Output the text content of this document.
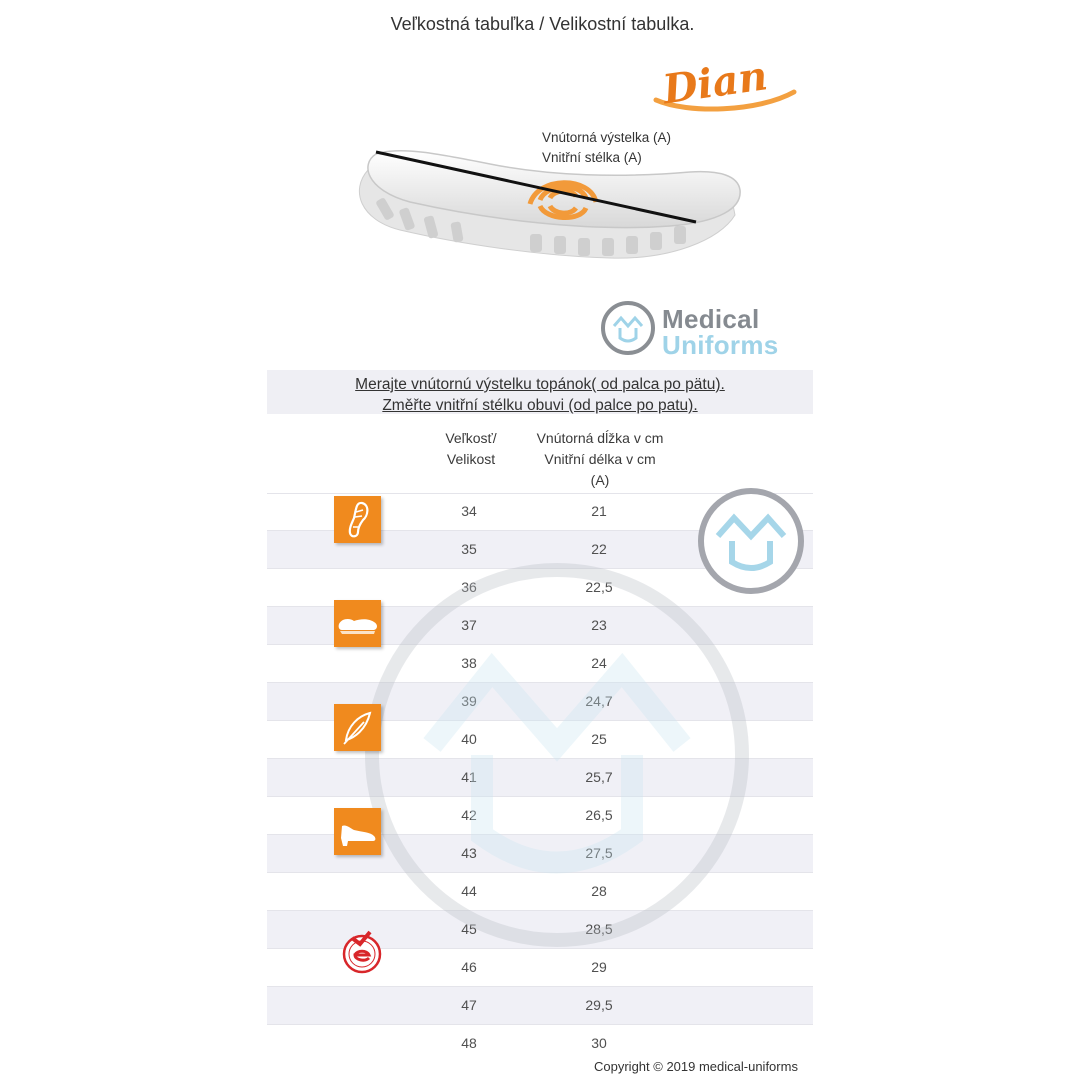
Veľkostná tabuľka / Velikostní tabulka.
Dian
Vnútorná výstelka (A)
Vnitřní stélka (A)
Medical
Uniforms
Merajte vnútornú výstelku topánok( od palca po pätu).
Změřte vnitřní stélku obuvi (od palce po patu).
Veľkosť/
Velikost
Vnútorná dĺžka v cm
Vnitřní délka v cm
(A)
34	21
35	22
36	22,5
37	23
38	24
39	24,7
40	25
41	25,7
42	26,5
43	27,5
44	28
45	28,5
46	29
47	29,5
48	30
Copyright © 2019 medical-uniforms
